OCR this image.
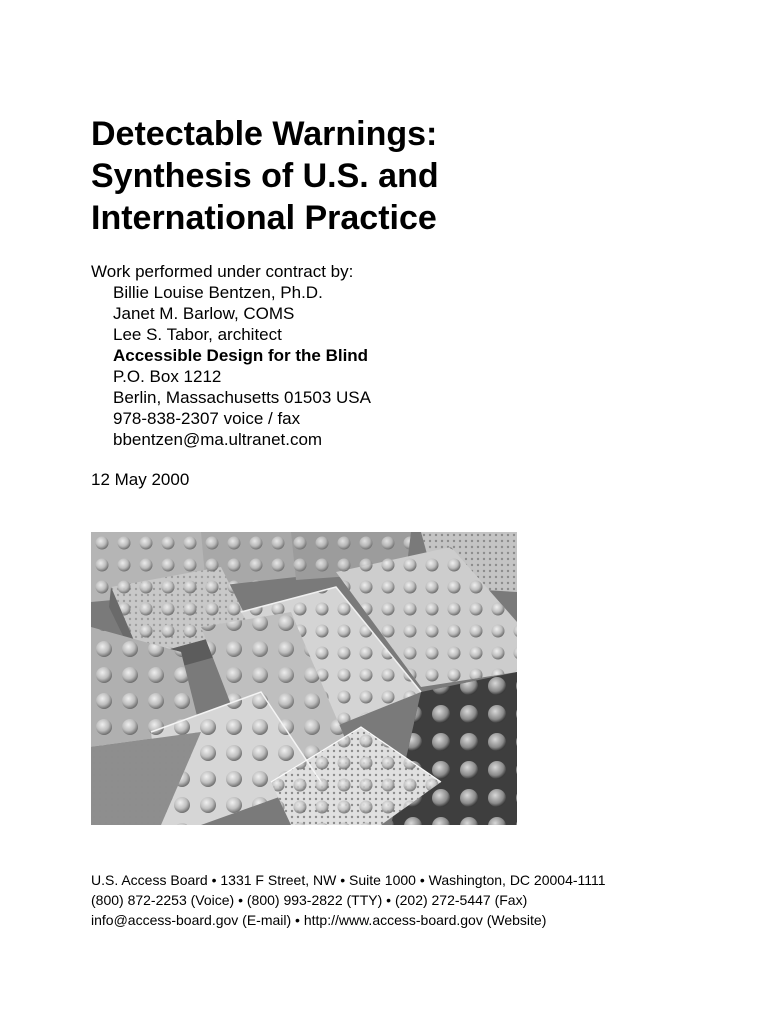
Detectable Warnings:
Synthesis of U.S. and
International Practice
Work performed under contract by:
Billie Louise Bentzen, Ph.D.
Janet M. Barlow, COMS
Lee S. Tabor, architect
Accessible Design for the Blind
P.O. Box 1212
Berlin, Massachusetts 01503 USA
978-838-2307 voice / fax
bbentzen@ma.ultranet.com
12 May 2000
U.S. Access Board • 1331 F Street, NW • Suite 1000 • Washington, DC 20004-1111
(800) 872-2253 (Voice) • (800) 993-2822 (TTY) • (202) 272-5447 (Fax)
info@access-board.gov (E-mail) • http://www.access-board.gov (Website)
